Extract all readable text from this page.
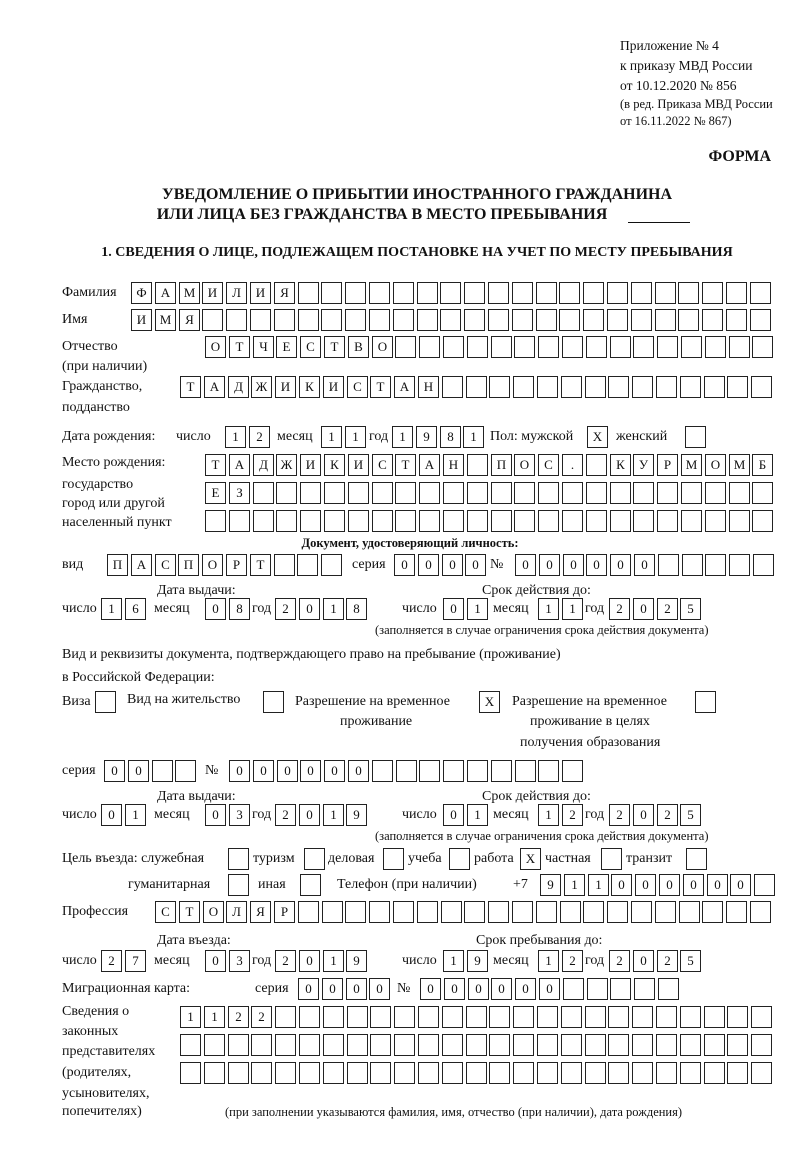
Приложение № 4
к приказу МВД России
от 10.12.2020 № 856
(в ред. Приказа МВД России
от 16.11.2022 № 867)
ФОРМА
УВЕДОМЛЕНИЕ О ПРИБЫТИИ ИНОСТРАННОГО ГРАЖДАНИНА
ИЛИ ЛИЦА БЕЗ ГРАЖДАНСТВА В МЕСТО ПРЕБЫВАНИЯ
1. СВЕДЕНИЯ О ЛИЦЕ, ПОДЛЕЖАЩЕМ ПОСТАНОВКЕ НА УЧЕТ ПО МЕСТУ ПРЕБЫВАНИЯ
Фамилия	Ф	А	М И	Л	И	Я
Имя	И	М	Я
Отчество
(при наличии)
О	Т	Ч	Е	С	Т	В	О
Гражданство,
подданство
Т	А	Д Ж	И	К	И	С	Т	А	Н
Дата рождения: число	1	2	месяц	1	1 год 1	9	8	1 Пол: мужской	X женский
Место рождения:
государство
город или другой
населенный пункт
Т	А	Д Ж	И	К	И	С	Т	А	Н	П	О	С	.	К	У	Р	М	О	М	Б
Е	З
Документ, удостоверяющий личность:
вид	П	А	С	П	О	Р	Т	серия	0	0	0	0 №	0	0	0	0	0	0
Дата выдачи:	Срок действия до:
число 1	6	месяц	0	8 год 2	0	1	8	число	0	1 месяц	1	1 год 2	0	2	5
(заполняется в случае ограничения срока действия документа)
Вид и реквизиты документа, подтверждающего право на пребывание (проживание)
в Российской Федерации:
Виза	Вид на жительство	Разрешение на временное
проживание
X	Разрешение на временное
проживание в целях
получения образования
серия	0	0	№	0	0	0	0	0	0
Дата выдачи:	Срок действия до:
число 0	1	месяц	0	3 год 2	0	1	9	число	0	1 месяц	1	2 год 2	0	2	5
(заполняется в случае ограничения срока действия документа)
Цель въезда: служебная	туризм деловая учеба работа X частная	транзит
гуманитарная	иная	Телефон (при наличии)	+7	9	1	1	0	0	0	0	0	0
Профессия	С	Т	О	Л	Я	Р
Дата въезда:	Срок пребывания до:
число 2	7	месяц	0	3 год 2	0	1	9	число	1	9 месяц	1	2 год 2	0	2	5
Миграционная карта:	серия	0	0	0	0	№	0	0	0	0	0	0
Сведения о
законных
представителях
(родителях,
усыновителях,
попечителях)
1	1	2	2
(при заполнении указываются фамилия, имя, отчество (при наличии), дата рождения)
